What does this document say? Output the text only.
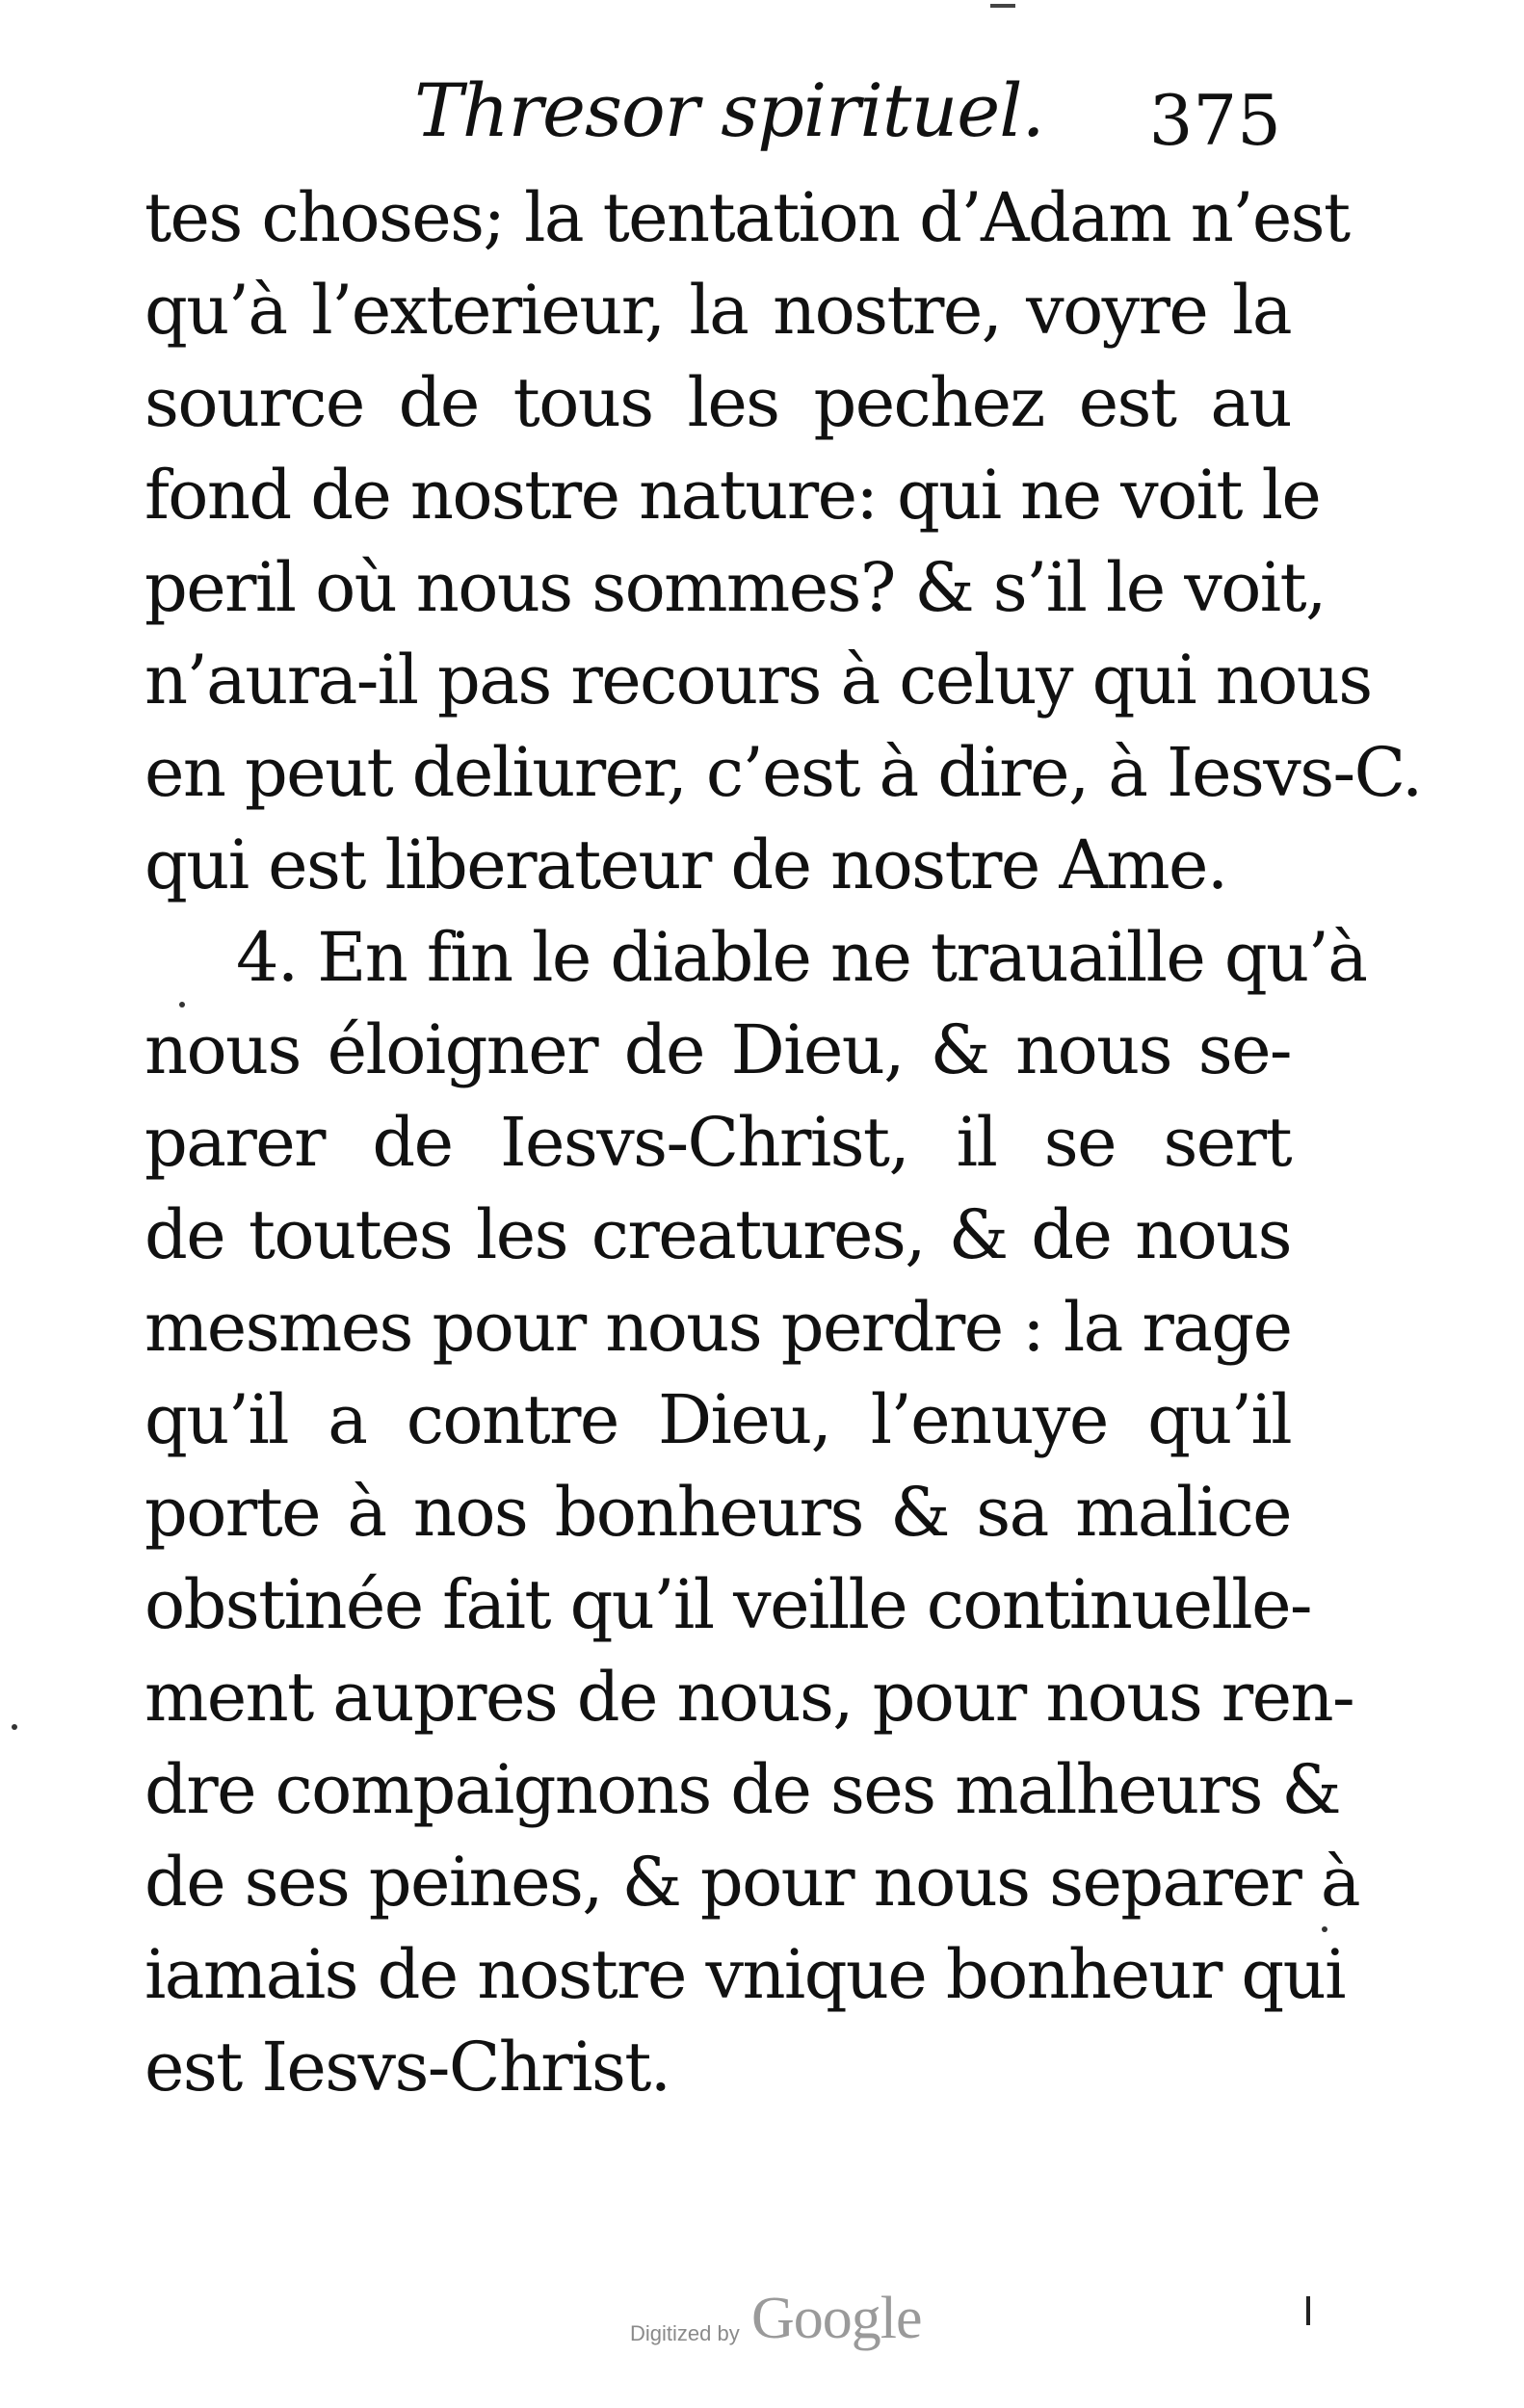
Thresor spirituel. 375
tes choses; la tentation d’Adam n’est
qu’à l’exterieur, la nostre, voyre la
source de tous les pechez est au
fond de nostre nature: qui ne voit le
peril où nous sommes? & s’il le voit,
n’aura-il pas recours à celuy qui nous
en peut deliurer, c’est à dire, à Iesvs-C.
qui est liberateur de nostre Ame.
4. En fin le diable ne trauaille qu’à
nous éloigner de Dieu, & nous se-
parer de Iesvs-Christ, il se sert
de toutes les creatures, & de nous
mesmes pour nous perdre : la rage
qu’il a contre Dieu, l’enuye qu’il
porte à nos bonheurs & sa malice
obstinée fait qu’il veille continuelle-
ment aupres de nous, pour nous ren-
dre compaignons de ses malheurs &
de ses peines, & pour nous separer à
iamais de nostre vnique bonheur qui
est Iesvs-Christ.
Digitized by Google
